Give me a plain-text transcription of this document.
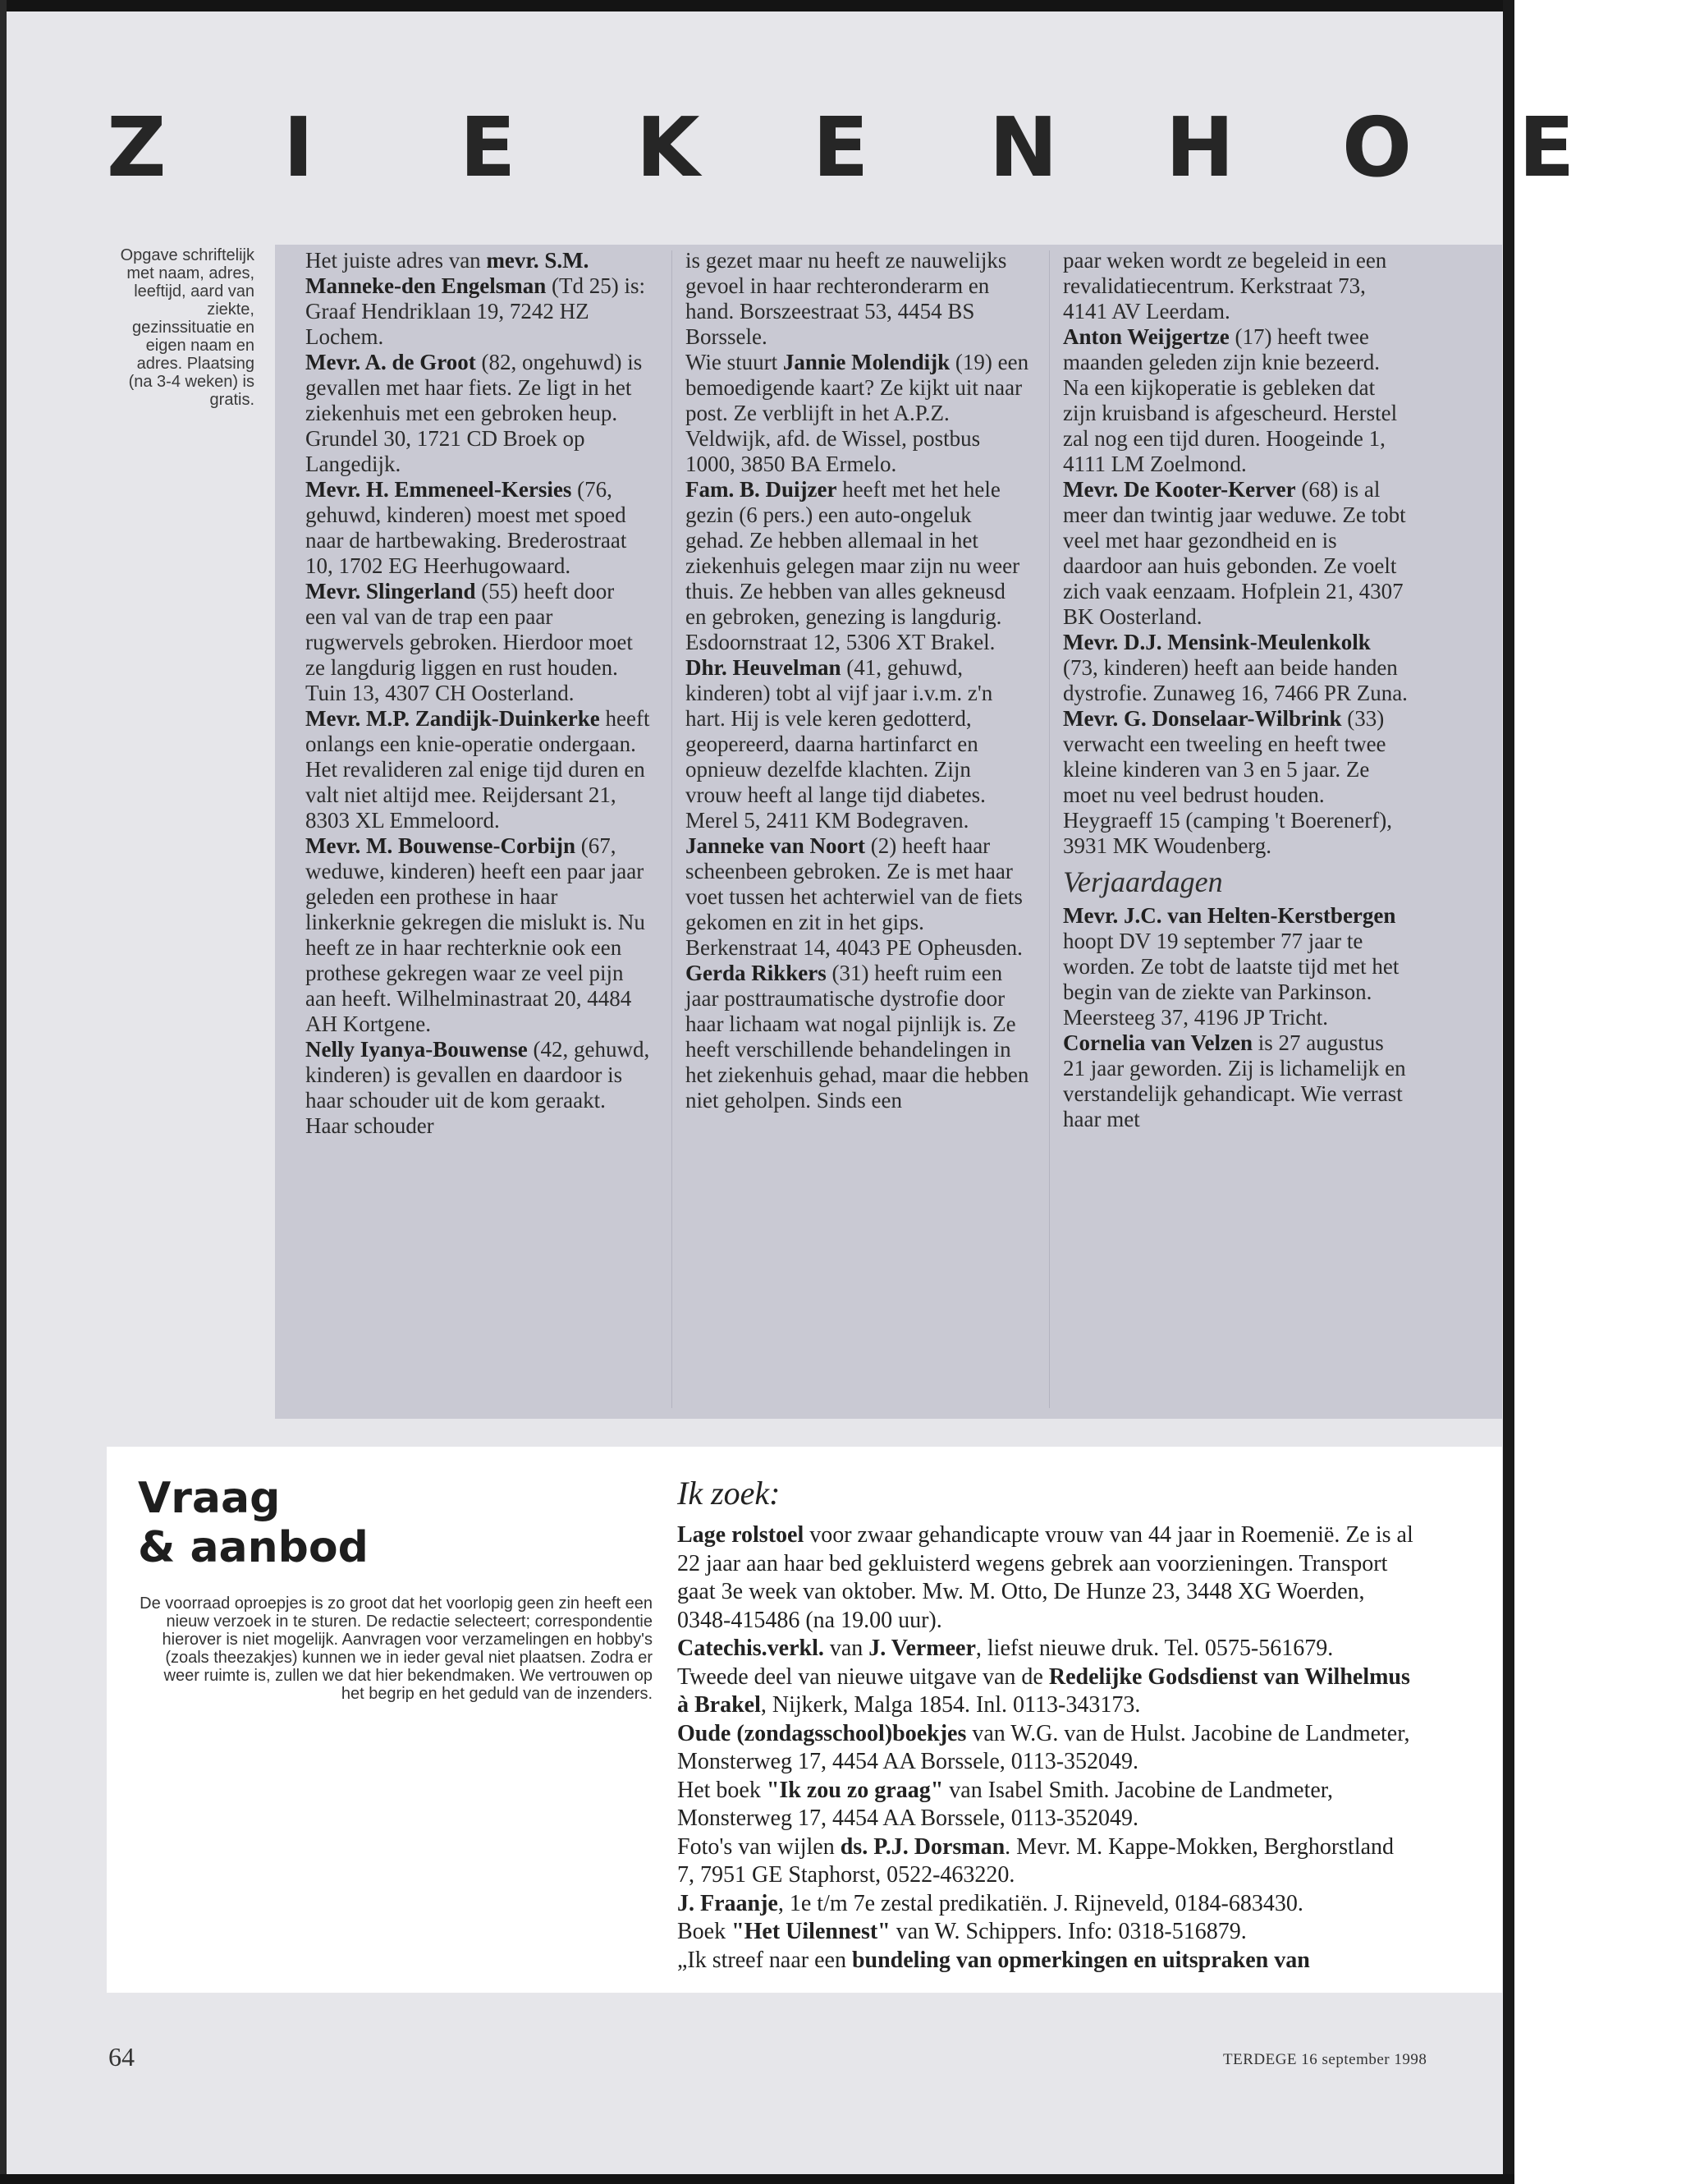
Z I E K E N H O E
Opgave schriftelijk met naam, adres, leeftijd, aard van ziekte, gezinssituatie en eigen naam en adres. Plaatsing (na 3-4 weken) is gratis.

Het juiste adres van mevr. S.M. Manneke-den Engelsman (Td 25) is: Graaf Hendriklaan 19, 7242 HZ Lochem.

Mevr. A. de Groot (82, ongehuwd) is gevallen met haar fiets. Ze ligt in het ziekenhuis met een gebroken heup. Grundel 30, 1721 CD Broek op Langedijk.

Mevr. H. Emmeneel-Kersies (76, gehuwd, kinderen) moest met spoed naar de hartbewaking. Brederostraat 10, 1702 EG Heerhugowaard.

Mevr. Slingerland (55) heeft door een val van de trap een paar rugwervels gebroken. Hierdoor moet ze langdurig liggen en rust houden. Tuin 13, 4307 CH Oosterland.

Mevr. M.P. Zandijk-Duinkerke heeft onlangs een knie-operatie ondergaan. Het revalideren zal enige tijd duren en valt niet altijd mee. Reijdersant 21, 8303 XL Emmeloord.

Mevr. M. Bouwense-Corbijn (67, weduwe, kinderen) heeft een paar jaar geleden een prothese in haar linkerknie gekregen die mislukt is. Nu heeft ze in haar rechterknie ook een prothese gekregen waar ze veel pijn aan heeft. Wilhelminastraat 20, 4484 AH Kortgene.

Nelly Iyanya-Bouwense (42, gehuwd, kinderen) is gevallen en daardoor is haar schouder uit de kom geraakt. Haar schouder

is gezet maar nu heeft ze nauwelijks gevoel in haar rechteronderarm en hand. Borszeestraat 53, 4454 BS Borssele.

Wie stuurt Jannie Molendijk (19) een bemoedigende kaart? Ze kijkt uit naar post. Ze verblijft in het A.P.Z. Veldwijk, afd. de Wissel, postbus 1000, 3850 BA Ermelo.

Fam. B. Duijzer heeft met het hele gezin (6 pers.) een auto-ongeluk gehad. Ze hebben allemaal in het ziekenhuis gelegen maar zijn nu weer thuis. Ze hebben van alles gekneusd en gebroken, genezing is langdurig. Esdoornstraat 12, 5306 XT Brakel.

Dhr. Heuvelman (41, gehuwd, kinderen) tobt al vijf jaar i.v.m. z'n hart. Hij is vele keren gedotterd, geopereerd, daarna hartinfarct en opnieuw dezelfde klachten. Zijn vrouw heeft al lange tijd diabetes. Merel 5, 2411 KM Bodegraven.

Janneke van Noort (2) heeft haar scheenbeen gebroken. Ze is met haar voet tussen het achterwiel van de fiets gekomen en zit in het gips. Berkenstraat 14, 4043 PE Opheusden.

Gerda Rikkers (31) heeft ruim een jaar posttraumatische dystrofie door haar lichaam wat nogal pijnlijk is. Ze heeft verschillende behandelingen in het ziekenhuis gehad, maar die hebben niet geholpen. Sinds een

paar weken wordt ze begeleid in een revalidatiecentrum. Kerkstraat 73, 4141 AV Leerdam.

Anton Weijgertze (17) heeft twee maanden geleden zijn knie bezeerd. Na een kijkoperatie is gebleken dat zijn kruisband is afgescheurd. Herstel zal nog een tijd duren. Hoogeinde 1, 4111 LM Zoelmond.

Mevr. De Kooter-Kerver (68) is al meer dan twintig jaar weduwe. Ze tobt veel met haar gezondheid en is daardoor aan huis gebonden. Ze voelt zich vaak eenzaam. Hofplein 21, 4307 BK Oosterland.

Mevr. D.J. Mensink-Meulenkolk (73, kinderen) heeft aan beide handen dystrofie. Zunaweg 16, 7466 PR Zuna.

Mevr. G. Donselaar-Wilbrink (33) verwacht een tweeling en heeft twee kleine kinderen van 3 en 5 jaar. Ze moet nu veel bedrust houden. Heygraeff 15 (camping 't Boerenerf), 3931 MK Woudenberg.

Verjaardagen

Mevr. J.C. van Helten-Kerstbergen hoopt DV 19 september 77 jaar te worden. Ze tobt de laatste tijd met het begin van de ziekte van Parkinson. Meersteeg 37, 4196 JP Tricht.

Cornelia van Velzen is 27 augustus 21 jaar geworden. Zij is lichamelijk en verstandelijk gehandicapt. Wie verrast haar met

Vraag
& aanbod
De voorraad oproepjes is zo groot dat het voorlopig geen zin heeft een nieuw verzoek in te sturen. De redactie selecteert; correspondentie hierover is niet mogelijk. Aanvragen voor verzamelingen en hobby's (zoals theezakjes) kunnen we in ieder geval niet plaatsen. Zodra er weer ruimte is, zullen we dat hier bekendmaken. We vertrouwen op het begrip en het geduld van de inzenders.
Ik zoek:

Lage rolstoel voor zwaar gehandicapte vrouw van 44 jaar in Roemenië. Ze is al 22 jaar aan haar bed gekluisterd wegens gebrek aan voorzieningen. Transport gaat 3e week van oktober. Mw. M. Otto, De Hunze 23, 3448 XG Woerden, 0348-415486 (na 19.00 uur).

Catechis.verkl. van J. Vermeer, liefst nieuwe druk. Tel. 0575-561679.

Tweede deel van nieuwe uitgave van de Redelijke Godsdienst van Wilhelmus à Brakel, Nijkerk, Malga 1854. Inl. 0113-343173.

Oude (zondagsschool)boekjes van W.G. van de Hulst. Jacobine de Landmeter, Monsterweg 17, 4454 AA Borssele, 0113-352049.

Het boek "Ik zou zo graag" van Isabel Smith. Jacobine de Landmeter, Monsterweg 17, 4454 AA Borssele, 0113-352049.

Foto's van wijlen ds. P.J. Dorsman. Mevr. M. Kappe-Mokken, Berghorstland 7, 7951 GE Staphorst, 0522-463220.

J. Fraanje, 1e t/m 7e zestal predikatiën. J. Rijneveld, 0184-683430.

Boek "Het Uilennest" van W. Schippers. Info: 0318-516879.

„Ik streef naar een bundeling van opmerkingen en uitspraken van

64	TERDEGE 16 september 1998
